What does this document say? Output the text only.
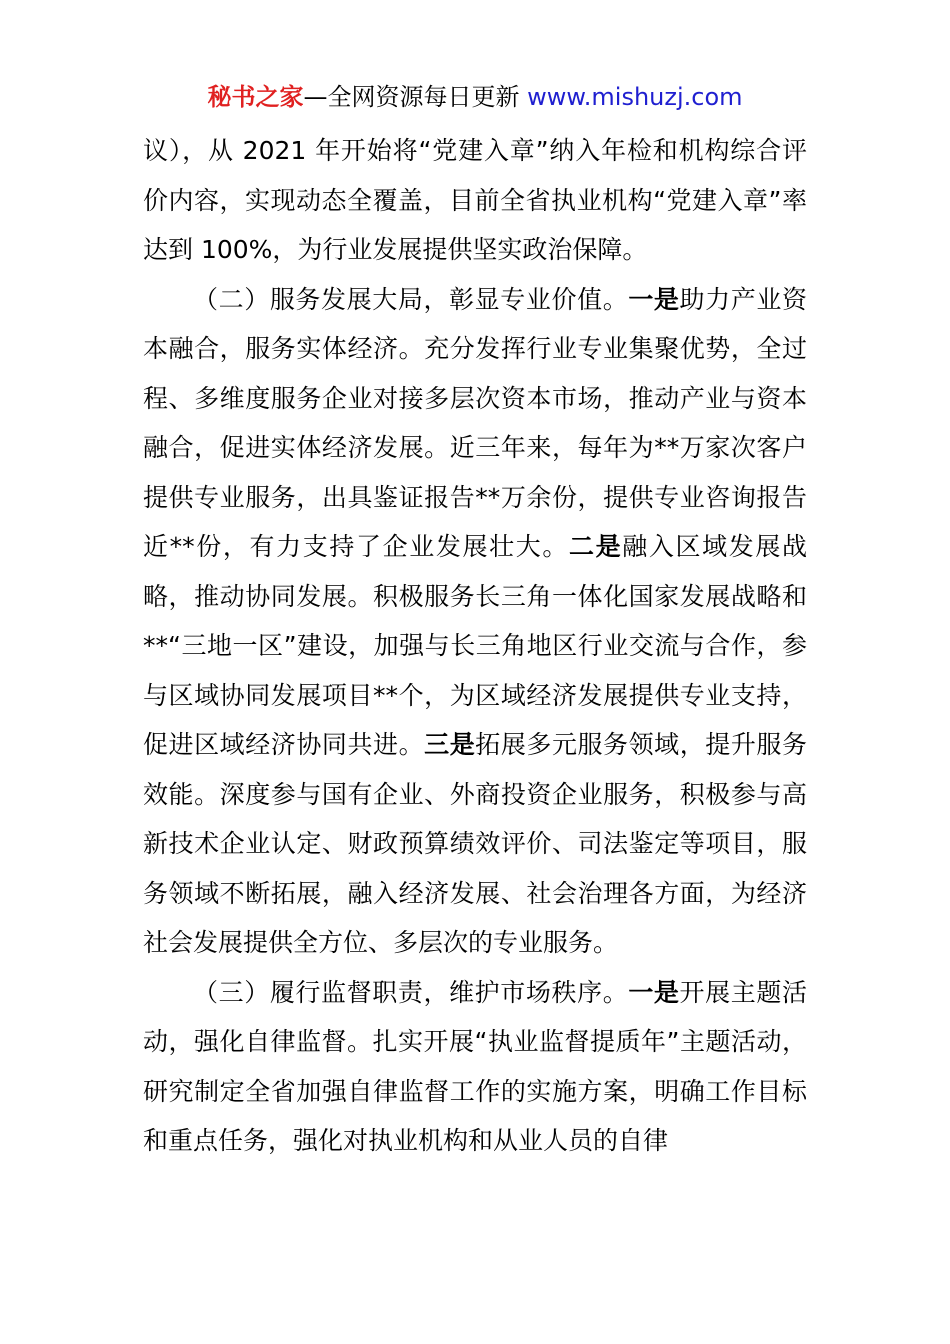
秘书之家—全网资源每日更新 www.mishuzj.com

议），从 2021 年开始将“党建入章”纳入年检和机构综合评价内容，实现动态全覆盖，目前全省执业机构“党建入章”率达到 100%，为行业发展提供坚实政治保障。

（二）服务发展大局，彰显专业价值。一是助力产业资本融合，服务实体经济。充分发挥行业专业集聚优势，全过程、多维度服务企业对接多层次资本市场，推动产业与资本融合，促进实体经济发展。近三年来，每年为**万家次客户提供专业服务，出具鉴证报告**万余份，提供专业咨询报告近**份，有力支持了企业发展壮大。二是融入区域发展战略，推动协同发展。积极服务长三角一体化国家发展战略和**“三地一区”建设，加强与长三角地区行业交流与合作，参与区域协同发展项目**个，为区域经济发展提供专业支持，促进区域经济协同共进。三是拓展多元服务领域，提升服务效能。深度参与国有企业、外商投资企业服务，积极参与高新技术企业认定、财政预算绩效评价、司法鉴定等项目，服务领域不断拓展，融入经济发展、社会治理各方面，为经济社会发展提供全方位、多层次的专业服务。

（三）履行监督职责，维护市场秩序。一是开展主题活动，强化自律监督。扎实开展“执业监督提质年”主题活动，研究制定全省加强自律监督工作的实施方案，明确工作目标和重点任务，强化对执业机构和从业人员的自律
